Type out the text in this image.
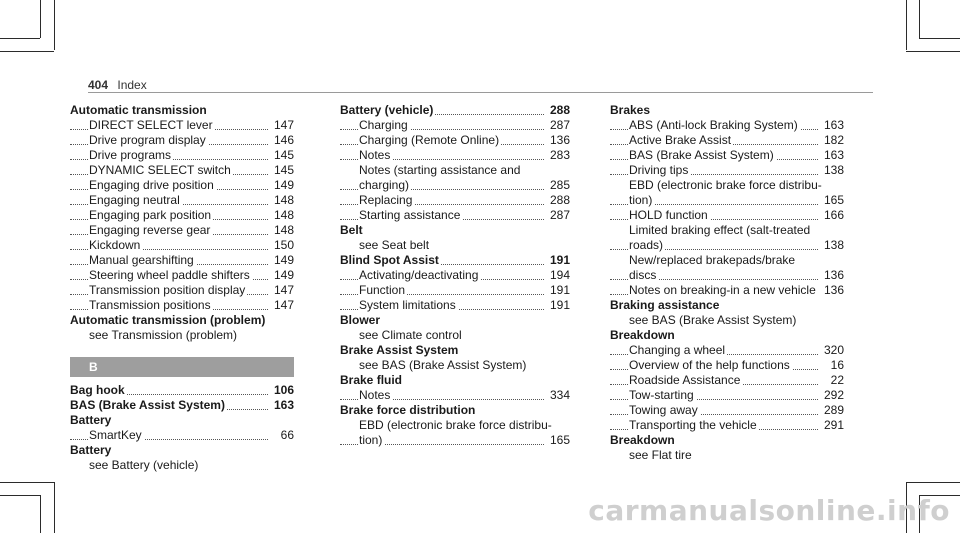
404 Index
Automatic transmission
DIRECT SELECT lever	147
Drive program display	146
Drive programs	145
DYNAMIC SELECT switch	145
Engaging drive position	149
Engaging neutral	148
Engaging park position	148
Engaging reverse gear	148
Kickdown	150
Manual gearshifting	149
Steering wheel paddle shifters 149
Transmission position display 147
Transmission positions	147
Automatic transmission (problem)
see Transmission (problem)
B
Bag hook	106
BAS (Brake Assist System)	163
Battery
SmartKey	66
Battery
see Battery (vehicle)
Battery (vehicle)	288
Charging	287
Charging (Remote Online)	136
Notes	283
Notes (starting assistance and
charging)	285
Replacing	288
Starting assistance	287
Belt
see Seat belt
Blind Spot Assist	191
Activating/deactivating	194
Function	191
System limitations	191
Blower
see Climate control
Brake Assist System
see BAS (Brake Assist System)
Brake fluid
Notes	334
Brake force distribution
EBD (electronic brake force distribu-
tion)	165
Brakes
ABS (Anti-lock Braking System) 163
Active Brake Assist	182
BAS (Brake Assist System)	163
Driving tips	138
EBD (electronic brake force distribu-
tion)	165
HOLD function	166
Limited braking effect (salt-treated
roads)	138
New/replaced brakepads/brake
discs	136
Notes on breaking-in a new vehicle 136
Braking assistance
see BAS (Brake Assist System)
Breakdown
Changing a wheel	320
Overview of the help functions	16
Roadside Assistance	22
Tow-starting	292
Towing away	289
Transporting the vehicle	291
Breakdown
see Flat tire
carmanualsonline.info
